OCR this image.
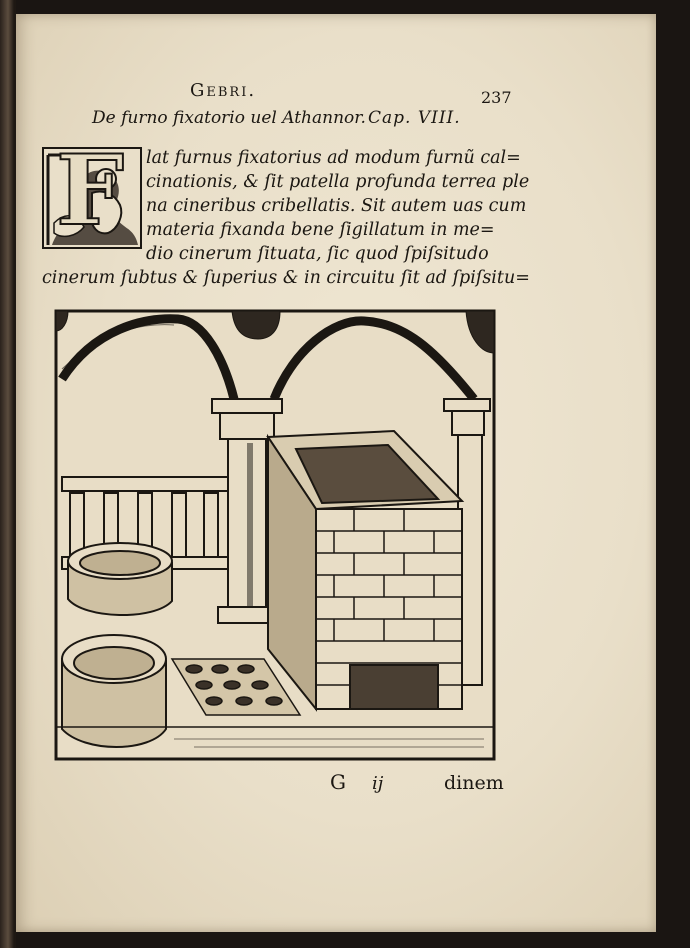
Gebri.	237
De furno fixatorio uel Athannor. Cap. VIII.
F lat furnus fixatorius ad modum furnũ cal=
cinationis, & ſit patella profunda terrea ple
na cineribus cribellatis. Sit autem uas cum
materia fixanda bene ſigillatum in me=
dio cinerum ſituata, ſic quod ſpiſsitudo
cinerum ſubtus & ſuperius & in circuitu ſit ad ſpiſsitu=
G ij	dinem
